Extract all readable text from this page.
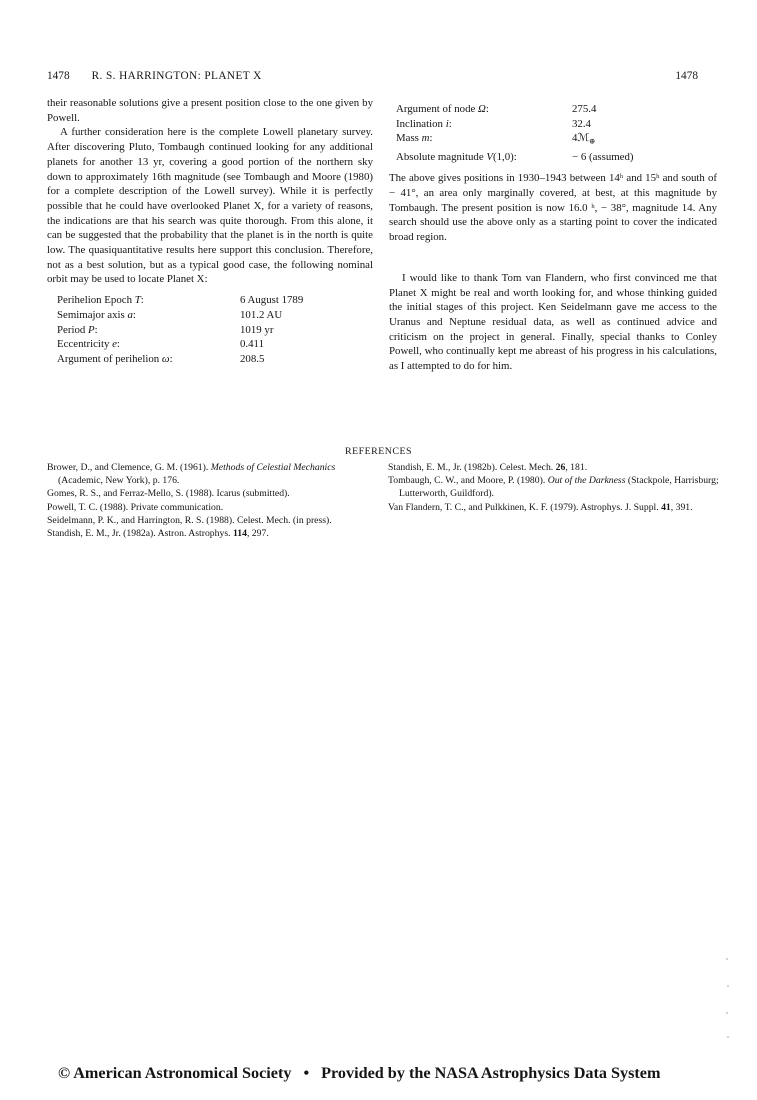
1478 R. S. HARRINGTON: PLANET X	1478

their reasonable solutions give a present position close to the one given by Powell.

A further consideration here is the complete Lowell planetary survey. After discovering Pluto, Tombaugh continued looking for any additional planets for another 13 yr, covering a good portion of the northern sky down to approximately 16th magnitude (see Tombaugh and Moore (1980) for a complete description of the Lowell survey). While it is perfectly possible that he could have overlooked Planet X, for a variety of reasons, the indications are that his search was quite thorough. From this alone, it can be suggested that the probability that the planet is in the north is quite low. The quasiquantitative results here support this conclusion. Therefore, not as a best solution, but as a typical good case, the following nominal orbit may be used to locate Planet X:

Perihelion Epoch T:	6 August 1789
Semimajor axis a:	101.2 AU
Period P:	1019 yr
Eccentricity e:	0.411
Argument of perihelion ω:	208.5
Argument of node Ω:	275.4
Inclination i:	32.4
Mass m:	4ℳ$_\oplus$
Absolute magnitude V(1,0):	− 6 (assumed)

The above gives positions in 1930–1943 between 14ʰ and 15ʰ and south of − 41°, an area only marginally covered, at best, at this magnitude by Tombaugh. The present position is now 16.0 ʰ, − 38°, magnitude 14. Any search should use the above only as a starting point to cover the indicated broad region.

I would like to thank Tom van Flandern, who first convinced me that Planet X might be real and worth looking for, and whose thinking guided the initial stages of this project. Ken Seidelmann gave me access to the Uranus and Neptune residual data, as well as continued advice and criticism on the project in general. Finally, special thanks to Conley Powell, who continually kept me abreast of his progress in his calculations, as I attempted to do for him.

REFERENCES

Brower, D., and Clemence, G. M. (1961). Methods of Celestial Mechanics (Academic, New York), p. 176.

Gomes, R. S., and Ferraz-Mello, S. (1988). Icarus (submitted).

Powell, T. C. (1988). Private communication.

Seidelmann, P. K., and Harrington, R. S. (1988). Celest. Mech. (in press).

Standish, E. M., Jr. (1982a). Astron. Astrophys. 114, 297.

Standish, E. M., Jr. (1982b). Celest. Mech. 26, 181.

Tombaugh, C. W., and Moore, P. (1980). Out of the Darkness (Stackpole, Harrisburg; Lutterworth, Guildford).

Van Flandern, T. C., and Pulkkinen, K. F. (1979). Astrophys. J. Suppl. 41, 391.

© American Astronomical Society • Provided by the NASA Astrophysics Data System
